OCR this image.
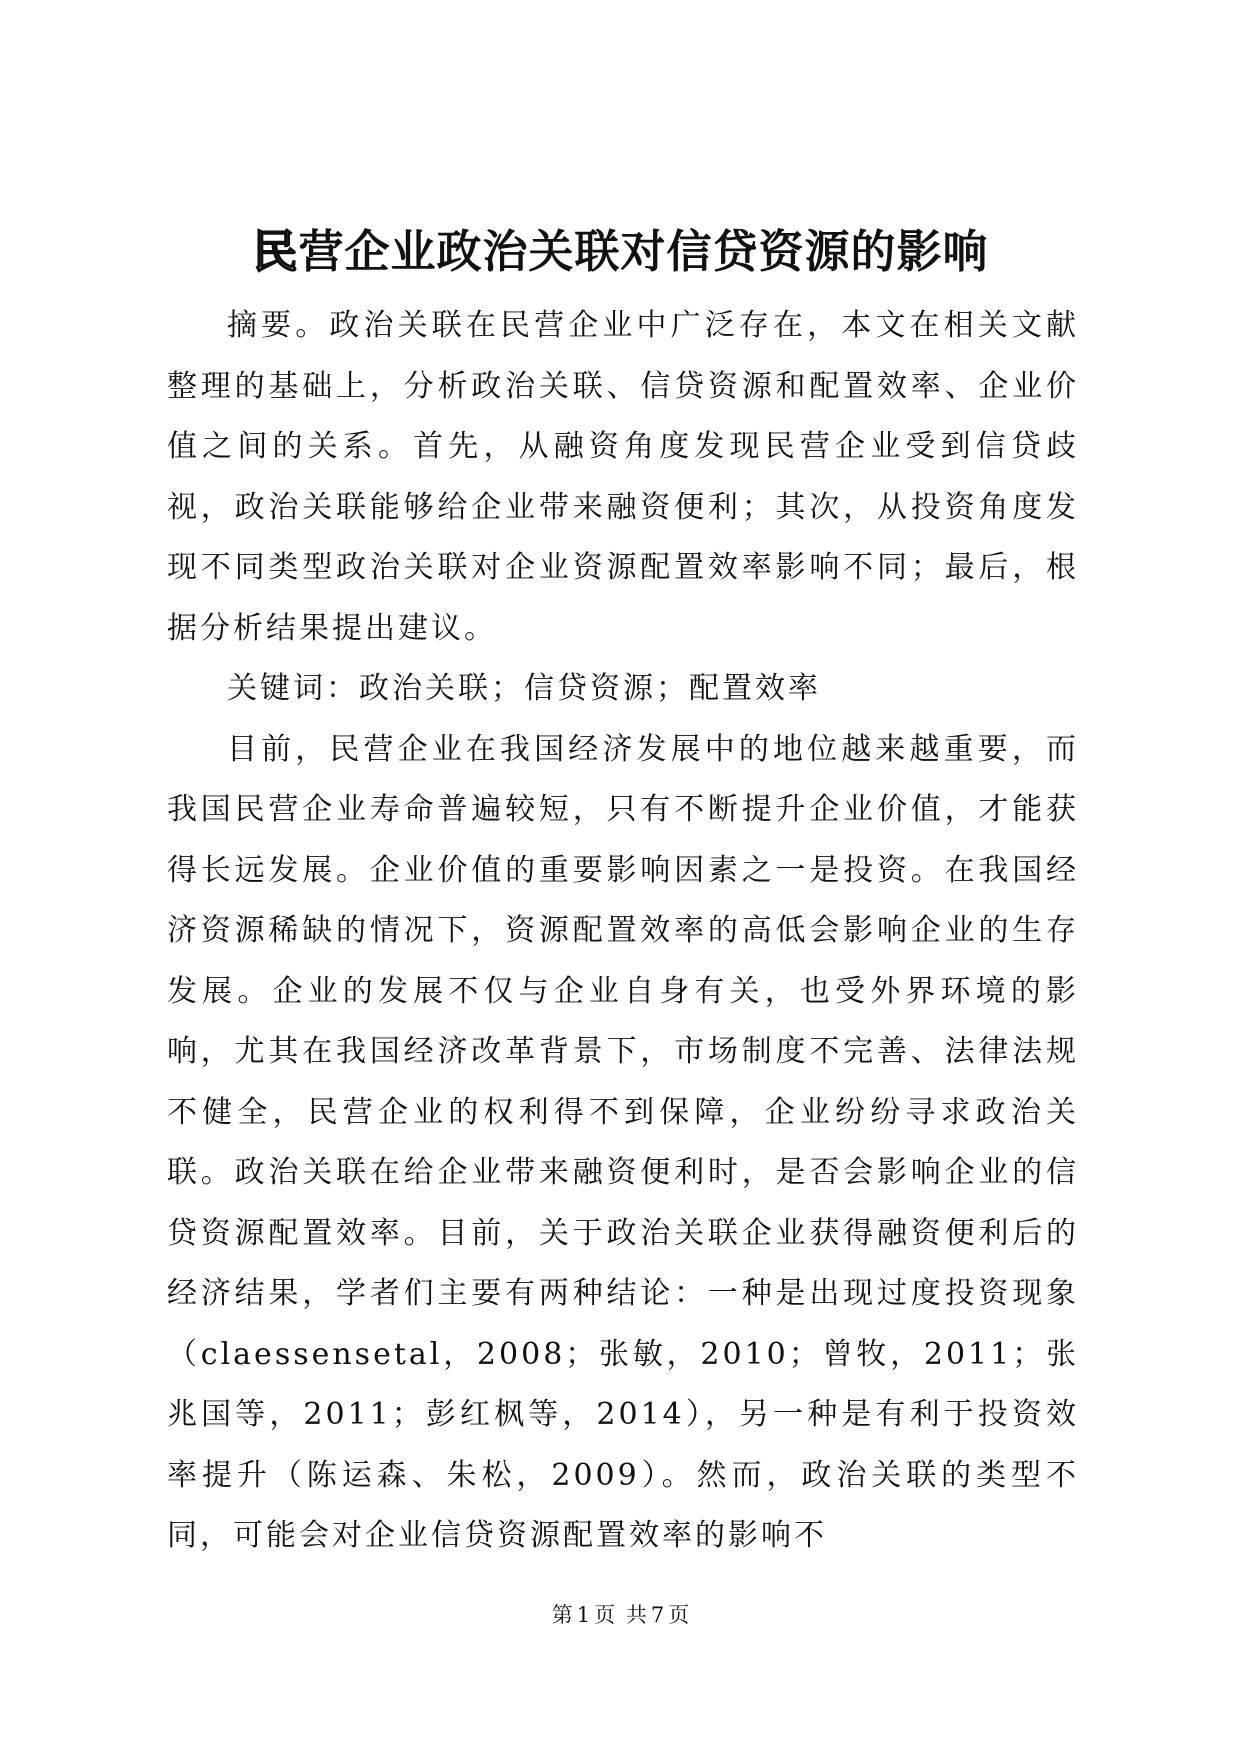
民营企业政治关联对信贷资源的影响

摘要。政治关联在民营企业中广泛存在，本文在相关文献整理的基础上，分析政治关联、信贷资源和配置效率、企业价值之间的关系。首先，从融资角度发现民营企业受到信贷歧视，政治关联能够给企业带来融资便利；其次，从投资角度发现不同类型政治关联对企业资源配置效率影响不同；最后，根据分析结果提出建议。

关键词：政治关联；信贷资源；配置效率

目前，民营企业在我国经济发展中的地位越来越重要，而我国民营企业寿命普遍较短，只有不断提升企业价值，才能获得长远发展。企业价值的重要影响因素之一是投资。在我国经济资源稀缺的情况下，资源配置效率的高低会影响企业的生存发展。企业的发展不仅与企业自身有关，也受外界环境的影响，尤其在我国经济改革背景下，市场制度不完善、法律法规不健全，民营企业的权利得不到保障，企业纷纷寻求政治关联。政治关联在给企业带来融资便利时，是否会影响企业的信贷资源配置效率。目前，关于政治关联企业获得融资便利后的经济结果，学者们主要有两种结论：一种是出现过度投资现象（claessensetal，2008；张敏，2010；曾牧，2011；张兆国等，2011；彭红枫等，2014），另一种是有利于投资效率提升（陈运森、朱松，2009）。然而，政治关联的类型不同，可能会对企业信贷资源配置效率的影响不

第 1 页 共 7 页
